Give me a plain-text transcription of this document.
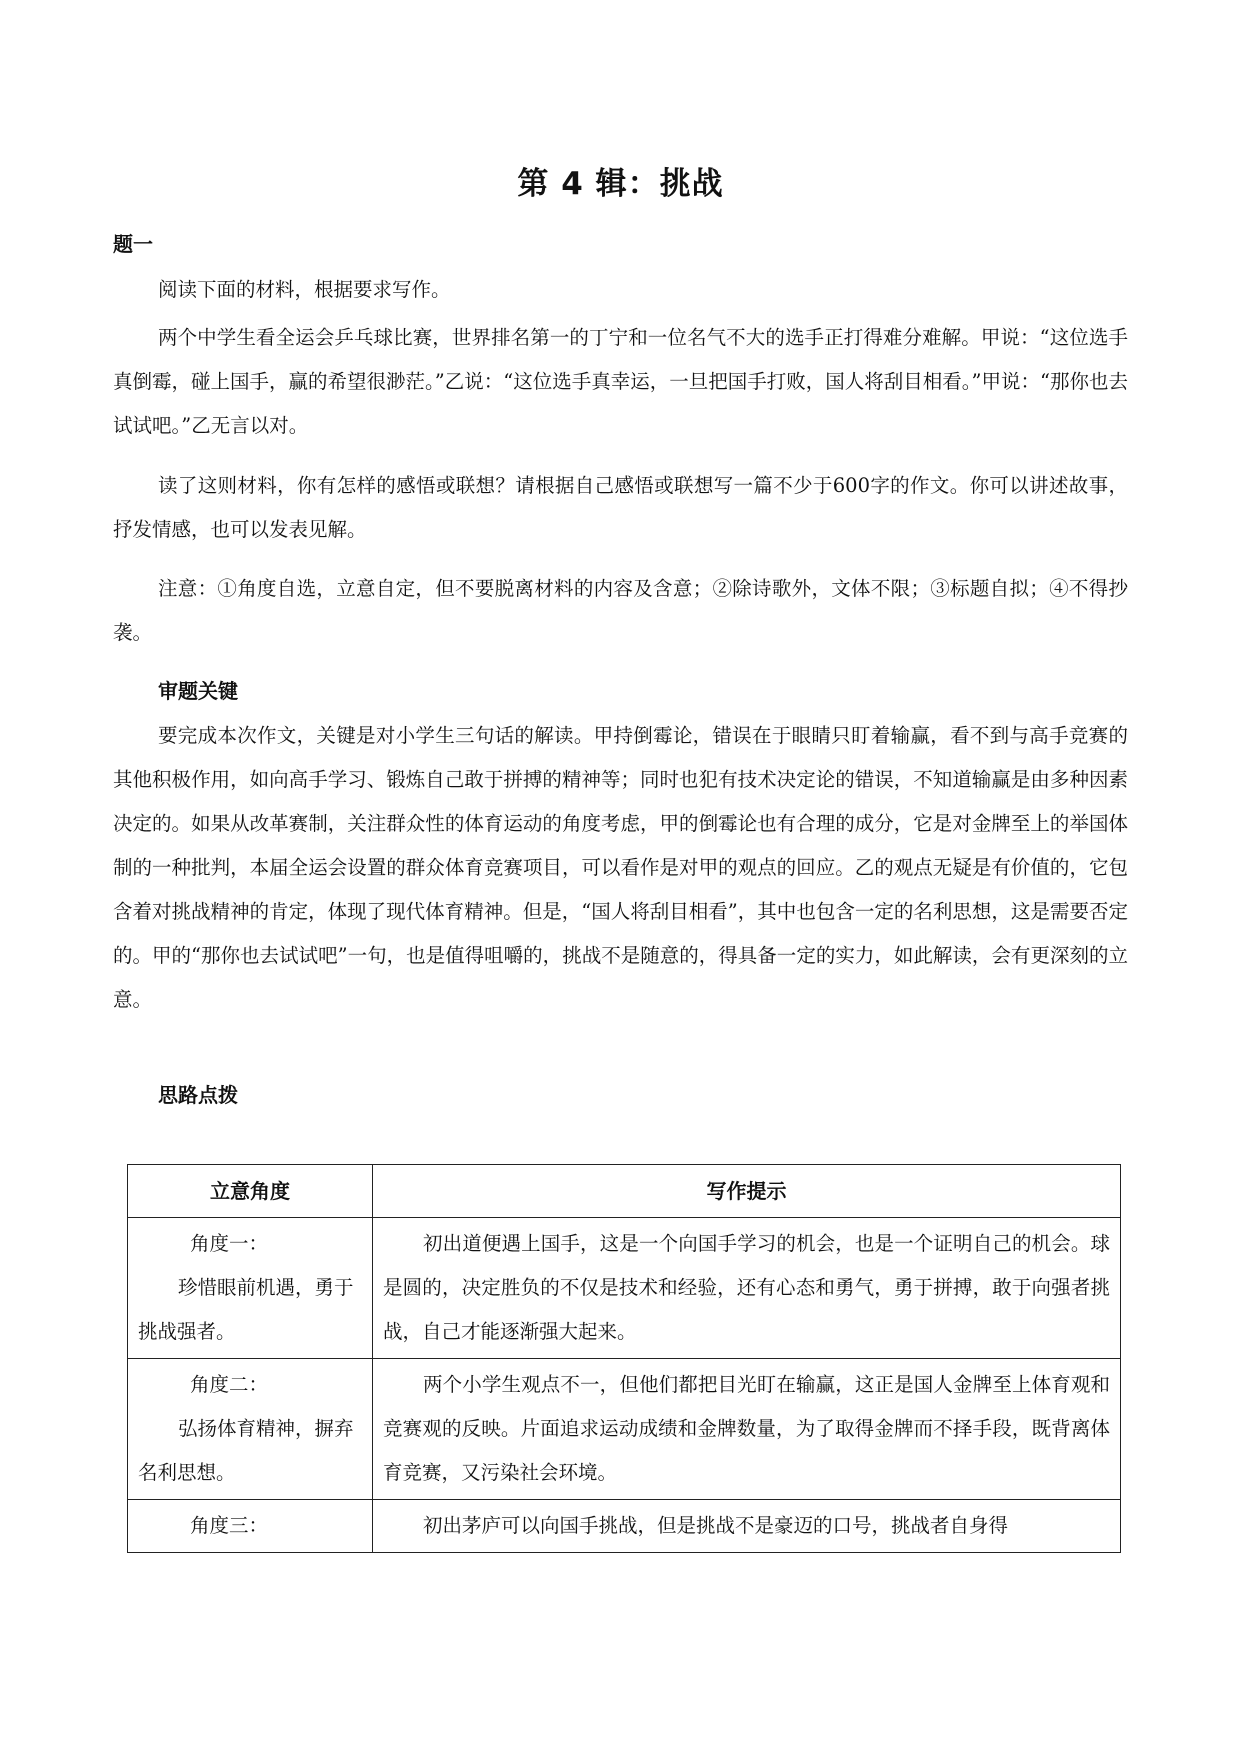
第 4 辑：挑战
题一
阅读下面的材料，根据要求写作。
两个中学生看全运会乒乓球比赛，世界排名第一的丁宁和一位名气不大的选手正打得难分难解。甲说：“这位选手真倒霉，碰上国手，赢的希望很渺茫。”乙说：“这位选手真幸运，一旦把国手打败，国人将刮目相看。”甲说：“那你也去试试吧。”乙无言以对。
读了这则材料，你有怎样的感悟或联想？请根据自己感悟或联想写一篇不少于600字的作文。你可以讲述故事，抒发情感，也可以发表见解。
注意：①角度自选，立意自定，但不要脱离材料的内容及含意；②除诗歌外，文体不限；③标题自拟；④不得抄袭。
审题关键
要完成本次作文，关键是对小学生三句话的解读。甲持倒霉论，错误在于眼睛只盯着输赢，看不到与高手竞赛的其他积极作用，如向高手学习、锻炼自己敢于拼搏的精神等；同时也犯有技术决定论的错误，不知道输赢是由多种因素决定的。如果从改革赛制，关注群众性的体育运动的角度考虑，甲的倒霉论也有合理的成分，它是对金牌至上的举国体制的一种批判，本届全运会设置的群众体育竞赛项目，可以看作是对甲的观点的回应。乙的观点无疑是有价值的，它包含着对挑战精神的肯定，体现了现代体育精神。但是，“国人将刮目相看”，其中也包含一定的名利思想，这是需要否定的。甲的“那你也去试试吧”一句，也是值得咀嚼的，挑战不是随意的，得具备一定的实力，如此解读，会有更深刻的立意。
思路点拨
立意角度	写作提示

角度一：
珍惜眼前机遇，勇于挑战强者。	初出道便遇上国手，这是一个向国手学习的机会，也是一个证明自己的机会。球是圆的，决定胜负的不仅是技术和经验，还有心态和勇气，勇于拼搏，敢于向强者挑战，自己才能逐渐强大起来。

角度二：
弘扬体育精神，摒弃名利思想。	两个小学生观点不一，但他们都把目光盯在输赢，这正是国人金牌至上体育观和竞赛观的反映。片面追求运动成绩和金牌数量，为了取得金牌而不择手段，既背离体育竞赛，又污染社会环境。

角度三：	初出茅庐可以向国手挑战，但是挑战不是豪迈的口号，挑战者自身得
